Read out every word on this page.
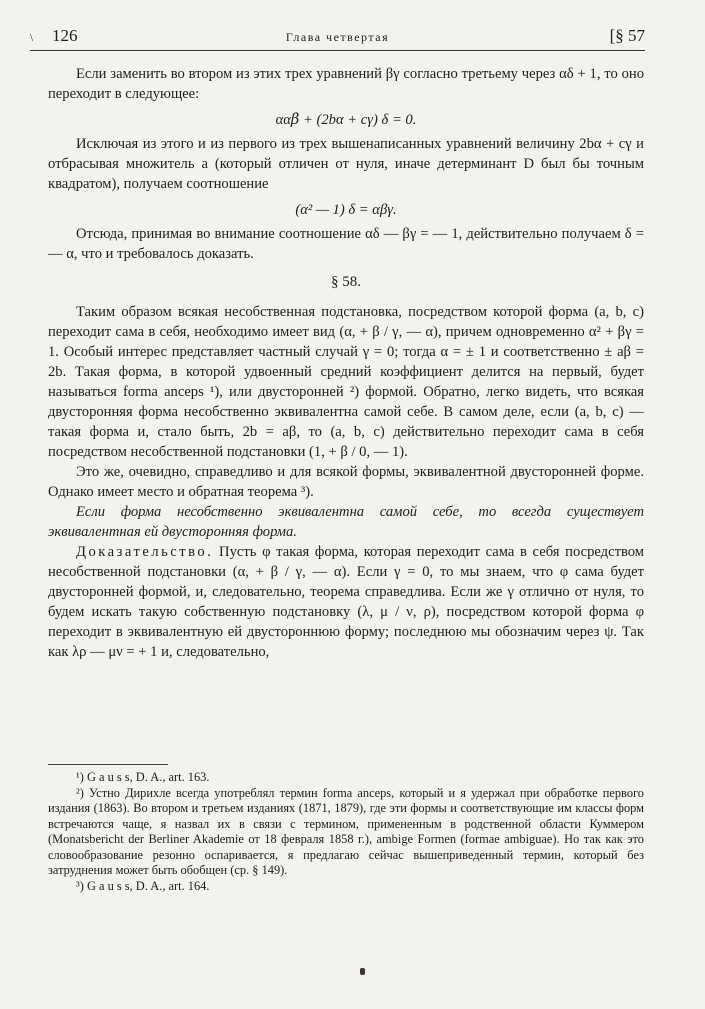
\ 126	Глава четвертая	[§ 57

Если заменить во втором из этих трех уравнений βγ согласно третьему через αδ + 1, то оно переходит в следующее:

αα𝛽 + (2bα + cγ) δ = 0.

Исключая из этого и из первого из трех вышенаписанных уравнений величину 2bα + cγ и отбрасывая множитель a (который отличен от нуля, иначе детерминант D был бы точным квадратом), получаем соотношение

(α² — 1) δ = αβγ.

Отсюда, принимая во внимание соотношение αδ — βγ = — 1, действительно получаем δ = — α, что и требовалось доказать.

§ 58.

Таким образом всякая несобственная подстановка, посредством которой форма (a, b, c) переходит сама в себя, необходимо имеет вид (α, + β / γ, — α), причем одновременно α² + βγ = 1. Особый интерес представляет частный случай γ = 0; тогда α = ± 1 и соответственно ± aβ = 2b. Такая форма, в которой удвоенный средний коэффициент делится на первый, будет называться forma anceps ¹), или двусторонней ²) формой. Обратно, легко видеть, что всякая двусторонняя форма несобственно эквивалентна самой себе. В самом деле, если (a, b, c) — такая форма и, стало быть, 2b = aβ, то (a, b, c) действительно переходит сама в себя посредством несобственной подстановки (1, + β / 0, — 1).

Это же, очевидно, справедливо и для всякой формы, эквивалентной двусторонней форме. Однако имеет место и обратная теорема ³).

Если форма несобственно эквивалентна самой себе, то всегда существует эквивалентная ей двусторонняя форма.

Доказательство. Пусть φ такая форма, которая переходит сама в себя посредством несобственной подстановки (α, + β / γ, — α). Если γ = 0, то мы знаем, что φ сама будет двусторонней формой, и, следовательно, теорема справедлива. Если же γ отлично от нуля, то будем искать такую собственную подстановку (λ, μ / ν, ρ), посредством которой форма φ переходит в эквивалентную ей двустороннюю форму; последнюю мы обозначим через ψ. Так как λρ — μν = + 1 и, следовательно,

¹) G a u s s, D. A., art. 163.

²) Устно Дирихле всегда употреблял термин forma anceps, который и я удержал при обработке первого издания (1863). Во втором и третьем изданиях (1871, 1879), где эти формы и соответствующие им классы форм встречаются чаще, я назвал их в связи с термином, примененным в родственной области Куммером (Monatsbericht der Berliner Akademie от 18 февраля 1858 г.), ambige Formen (formae ambiguae). Но так как это словообразование резонно оспаривается, я предлагаю сейчас вышеприведенный термин, который без затруднения может быть обобщен (ср. § 149).

³) G a u s s, D. A., art. 164.
